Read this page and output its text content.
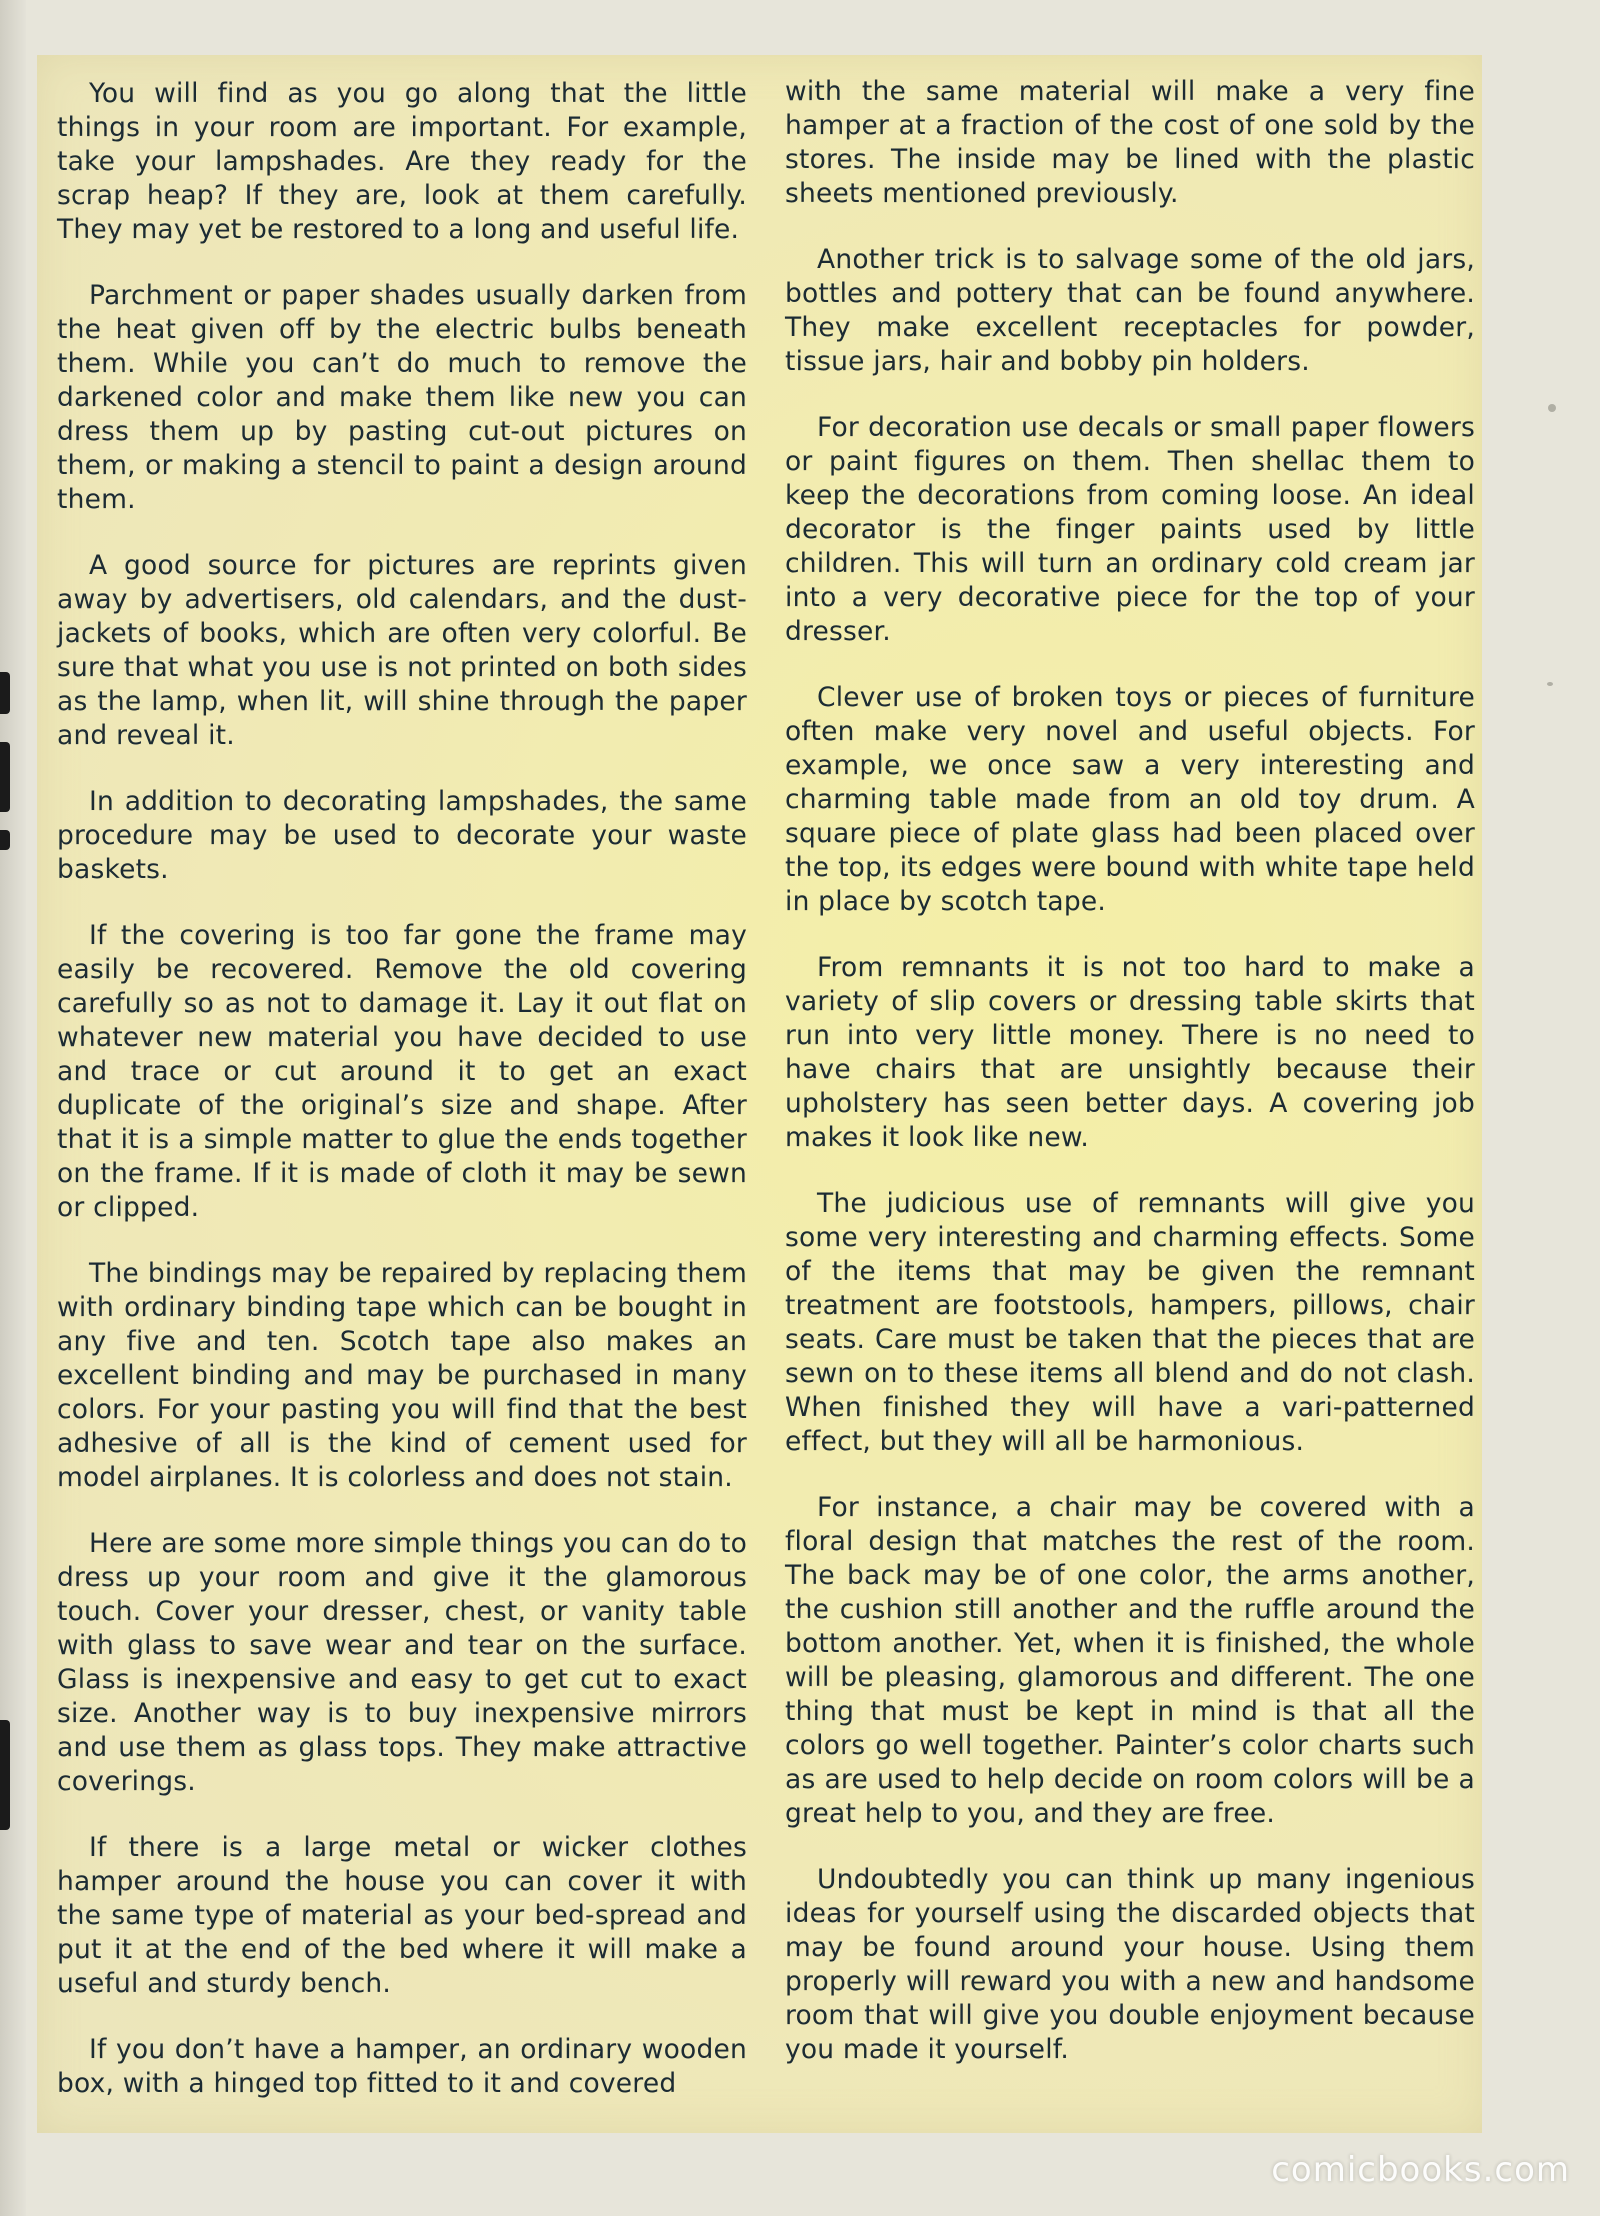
You will find as you go along that the little things in your room are important. For example, take your lampshades. Are they ready for the scrap heap? If they are, look at them carefully. They may yet be restored to a long and useful life.

Parchment or paper shades usually darken from the heat given off by the electric bulbs beneath them. While you can’t do much to remove the darkened color and make them like new you can dress them up by pasting cut-out pictures on them, or making a stencil to paint a design around them.

A good source for pictures are reprints given away by advertisers, old calendars, and the dust-jackets of books, which are often very colorful. Be sure that what you use is not printed on both sides as the lamp, when lit, will shine through the paper and reveal it.

In addition to decorating lampshades, the same procedure may be used to decorate your waste baskets.

If the covering is too far gone the frame may easily be recovered. Remove the old covering carefully so as not to damage it. Lay it out flat on whatever new material you have decided to use and trace or cut around it to get an exact duplicate of the original’s size and shape. After that it is a simple matter to glue the ends together on the frame. If it is made of cloth it may be sewn or clipped.

The bindings may be repaired by replacing them with ordinary binding tape which can be bought in any five and ten. Scotch tape also makes an excellent binding and may be purchased in many colors. For your pasting you will find that the best adhesive of all is the kind of cement used for model airplanes. It is colorless and does not stain.

Here are some more simple things you can do to dress up your room and give it the glamorous touch. Cover your dresser, chest, or vanity table with glass to save wear and tear on the surface. Glass is inexpensive and easy to get cut to exact size. Another way is to buy inexpensive mirrors and use them as glass tops. They make attractive coverings.

If there is a large metal or wicker clothes hamper around the house you can cover it with the same type of material as your bed-spread and put it at the end of the bed where it will make a useful and sturdy bench.

If you don’t have a hamper, an ordinary wooden box, with a hinged top fitted to it and covered

with the same material will make a very fine hamper at a fraction of the cost of one sold by the stores. The inside may be lined with the plastic sheets mentioned previously.

Another trick is to salvage some of the old jars, bottles and pottery that can be found anywhere. They make excellent receptacles for powder, tissue jars, hair and bobby pin holders.

For decoration use decals or small paper flowers or paint figures on them. Then shellac them to keep the decorations from coming loose. An ideal decorator is the finger paints used by little children. This will turn an ordinary cold cream jar into a very decorative piece for the top of your dresser.

Clever use of broken toys or pieces of furniture often make very novel and useful objects. For example, we once saw a very interesting and charming table made from an old toy drum. A square piece of plate glass had been placed over the top, its edges were bound with white tape held in place by scotch tape.

From remnants it is not too hard to make a variety of slip covers or dressing table skirts that run into very little money. There is no need to have chairs that are unsightly because their upholstery has seen better days. A covering job makes it look like new.

The judicious use of remnants will give you some very interesting and charming effects. Some of the items that may be given the remnant treatment are footstools, hampers, pillows, chair seats. Care must be taken that the pieces that are sewn on to these items all blend and do not clash. When finished they will have a vari-patterned effect, but they will all be harmonious.

For instance, a chair may be covered with a floral design that matches the rest of the room. The back may be of one color, the arms another, the cushion still another and the ruffle around the bottom another. Yet, when it is finished, the whole will be pleasing, glamorous and different. The one thing that must be kept in mind is that all the colors go well together. Painter’s color charts such as are used to help decide on room colors will be a great help to you, and they are free.

Undoubtedly you can think up many ingenious ideas for yourself using the discarded objects that may be found around your house. Using them properly will reward you with a new and handsome room that will give you double enjoyment because you made it yourself.

comicbooks.com
